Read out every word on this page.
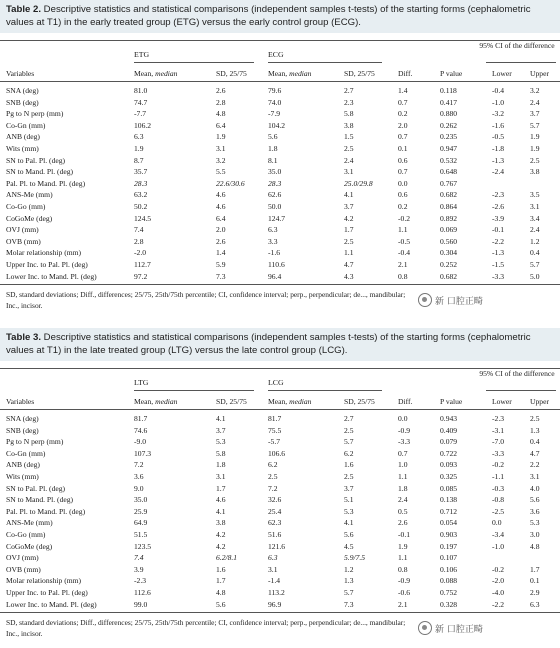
Table 2. Descriptive statistics and statistical comparisons (independent samples t-tests) of the starting forms (cephalometric values at T1) in the early treated group (ETG) versus the early control group (ECG).
ETG	ECG
95% CI of the difference
Variables	SD, 25/75	SD, 25/75	Diff.	Lower Upper
Mean, median	Mean, median	P value
SNA (deg)	81.0	2.6	79.6	2.7	1.4	0.118	-0.4	3.2
SNB (deg)	74.7	2.8	74.0	2.3	0.7	0.417	-1.0	2.4
Pg to N perp (mm)	-7.7	4.8	-7.9	5.8	0.2	0.880	-3.2	3.7
Co-Gn (mm)	106.2	6.4	104.2	3.8	2.0	0.262	-1.6	5.7
ANB (deg)	6.3	1.9	5.6	1.5	0.7	0.235	-0.5	1.9
Wits (mm)	1.9	3.1	1.8	2.5	0.1	0.947	-1.8	1.9
SN to Pal. Pl. (deg)	8.7	3.2	8.1	2.4	0.6	0.532	-1.3	2.5
SN to Mand. Pl. (deg)	35.7	5.5	35.0	3.1	0.7	0.648	-2.4	3.8
Pal. Pl. to Mand. Pl. (deg)	28.3	22.6/30.6	28.3	25.0/29.8	0.0	0.767
ANS-Me (mm)	63.2	4.6	62.6	4.1	0.6	0.682	-2.3	3.5
Co-Go (mm)	50.2	4.6	50.0	3.7	0.2	0.864	-2.6	3.1
CoGoMe (deg)	124.5	6.4	124.7	4.2	-0.2	0.892	-3.9	3.4
OVJ (mm)	7.4	2.0	6.3	1.7	1.1	0.069	-0.1	2.4
OVB (mm)	2.8	2.6	3.3	2.5	-0.5	0.560	-2.2	1.2
Molar relationship (mm)	-2.0	1.4	-1.6	1.1	-0.4	0.304	-1.3	0.4
Upper Inc. to Pal. Pl. (deg)	112.7	5.9	110.6	4.7	2.1	0.252	-1.5	5.7
Lower Inc. to Mand. Pl. (deg)	97.2	7.3	96.4	4.3	0.8	0.682	-3.3	5.0
SD, standard deviations; Diff., differences; 25/75, 25th/75th percentile; CI, confidence interval; perp., perpendicular; de..., mandibular; Inc., incisor.	新 口腔正畸
Table 3. Descriptive statistics and statistical comparisons (independent samples t-tests) of the starting forms (cephalometric values at T1) in the late treated group (LTG) versus the late control group (LCG).
LTG	LCG
95% CI of the difference
Variables	SD, 25/75	SD, 25/75	Diff.	Lower Upper
Mean, median	Mean, median	P value
SNA (deg)	81.7	4.1	81.7	2.7	0.0	0.943	-2.3	2.5
SNB (deg)	74.6	3.7	75.5	2.5	-0.9	0.409	-3.1	1.3
Pg to N perp (mm)	-9.0	5.3	-5.7	5.7	-3.3	0.079	-7.0	0.4
Co-Gn (mm)	107.3	5.8	106.6	6.2	0.7	0.722	-3.3	4.7
ANB (deg)	7.2	1.8	6.2	1.6	1.0	0.093	-0.2	2.2
Wits (mm)	3.6	3.1	2.5	2.5	1.1	0.325	-1.1	3.1
SN to Pal. Pl. (deg)	9.0	1.7	7.2	3.7	1.8	0.085	-0.3	4.0
SN to Mand. Pl. (deg)	35.0	4.6	32.6	5.1	2.4	0.138	-0.8	5.6
Pal. Pl. to Mand. Pl. (deg)	25.9	4.1	25.4	5.3	0.5	0.712	-2.5	3.6
ANS-Me (mm)	64.9	3.8	62.3	4.1	2.6	0.054	0.0	5.3
Co-Go (mm)	51.5	4.2	51.6	5.6	-0.1	0.903	-3.4	3.0
CoGoMe (deg)	123.5	4.2	121.6	4.5	1.9	0.197	-1.0	4.8
OVJ (mm)	7.4	6.2/8.1	6.3	5.9/7.5	1.1	0.107
OVB (mm)	3.9	1.6	3.1	1.2	0.8	0.106	-0.2	1.7
Molar relationship (mm)	-2.3	1.7	-1.4	1.3	-0.9	0.088	-2.0	0.1
Upper Inc. to Pal. Pl. (deg)	112.6	4.8	113.2	5.7	-0.6	0.752	-4.0	2.9
Lower Inc. to Mand. Pl. (deg)	99.0	5.6	96.9	7.3	2.1	0.328	-2.2	6.3
SD, standard deviations; Diff., differences; 25/75, 25th/75th percentile; CI, confidence interval; perp., perpendicular; de..., mandibular; Inc., incisor.	新 口腔正畸
